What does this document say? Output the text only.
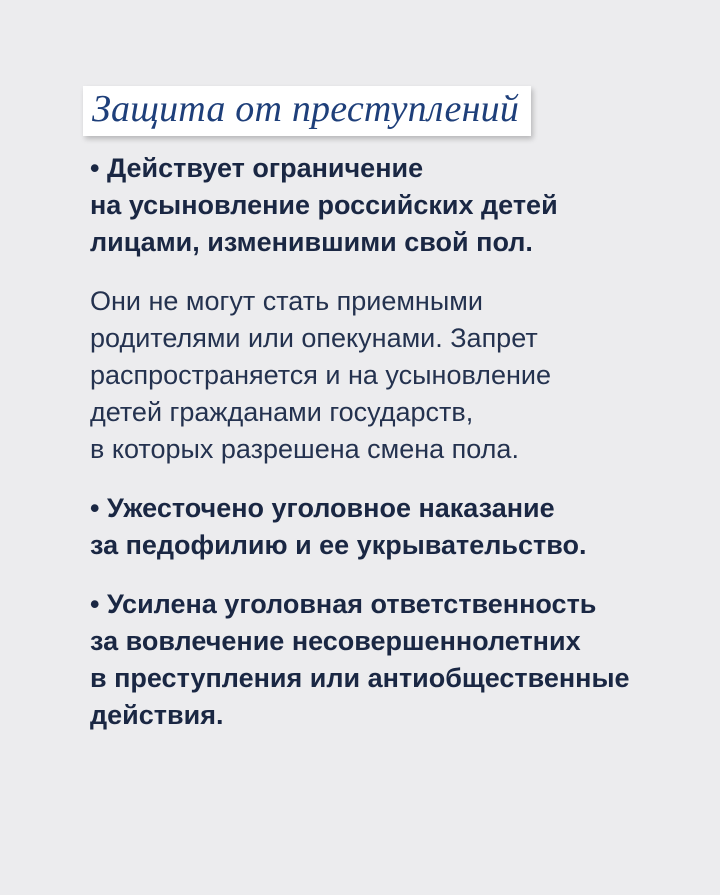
Защита от преступлений
• Действует ограничение
на усыновление российских детей
лицами, изменившими свой пол.
Они не могут стать приемными
родителями или опекунами. Запрет
распространяется и на усыновление
детей гражданами государств,
в которых разрешена смена пола.
• Ужесточено уголовное наказание
за педофилию и ее укрывательство.
• Усилена уголовная ответственность
за вовлечение несовершеннолетних
в преступления или антиобщественные
действия.
